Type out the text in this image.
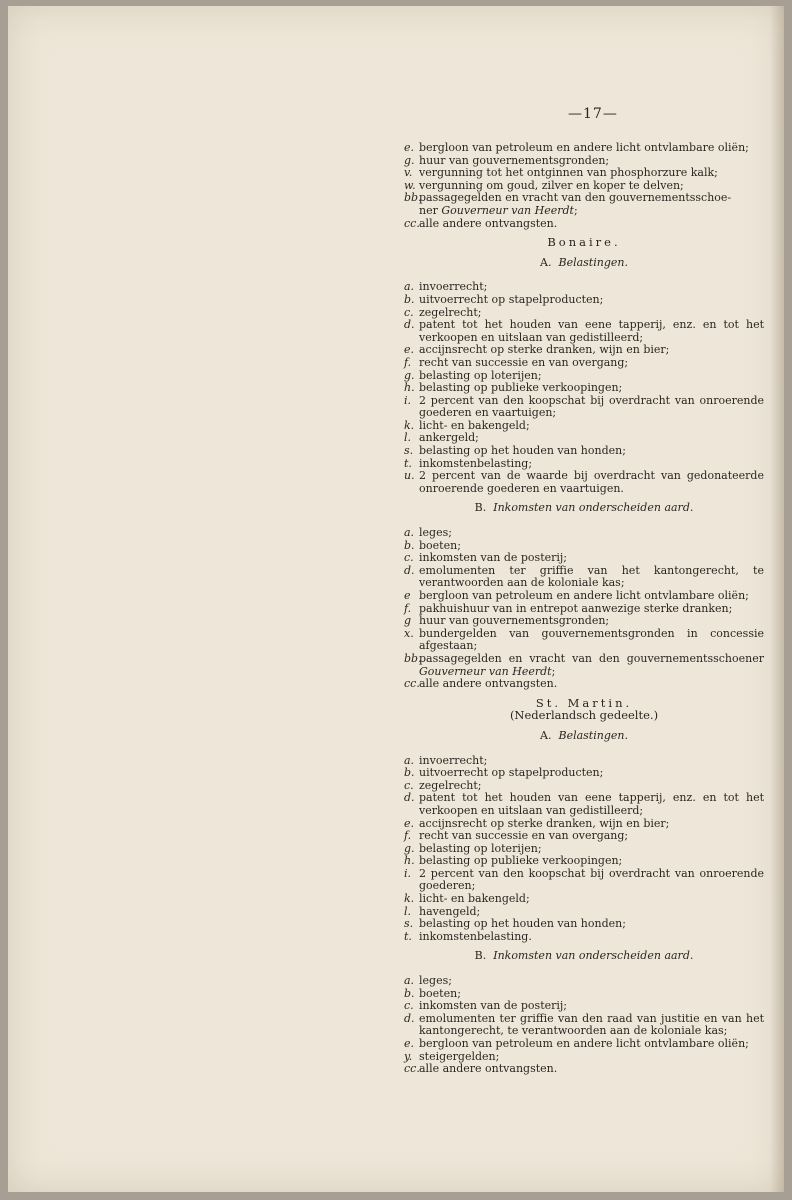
—17—
e. bergloon van petroleum en andere licht ontvlambare oliën;
g. huur van gouvernementsgronden;
v. vergunning tot het ontginnen van phosphorzure kalk;
w. vergunning om goud, zilver en koper te delven;
bb.
passagegelden en vracht van den gouvernementsschoe-
ner Gouverneur van Heerdt;
cc. alle andere ontvangsten.
Bonaire.
A. Belastingen.
a. invoerrecht;
b. uitvoerrecht op stapelproducten;
c. zegelrecht;
d. patent tot het houden van eene tapperij, enz. en tot het verkoopen en uitslaan van gedistilleerd;
e. accijnsrecht op sterke dranken, wijn en bier;
f. recht van successie en van overgang;
g. belasting op loterijen;
h. belasting op publieke verkoopingen;
i. 2 percent van den koopschat bij overdracht van onroerende goederen en vaartuigen;
k. licht- en bakengeld;
l. ankergeld;
s. belasting op het houden van honden;
t. inkomstenbelasting;
u. 2 percent van de waarde bij overdracht van gedonateerde onroerende goederen en vaartuigen.
B. Inkomsten van onderscheiden aard.
a. leges;
b. boeten;
c. inkomsten van de posterij;
d. emolumenten ter griffie van het kantongerecht, te verantwoorden aan de koloniale kas;
e bergloon van petroleum en andere licht ontvlambare oliën;
f. pakhuishuur van in entrepot aanwezige sterke dranken;
g huur van gouvernementsgronden;
x. bundergelden van gouvernementsgronden in concessie afgestaan;
bb.
passagegelden en vracht van den gouvernementsschoener Gouverneur van Heerdt;
cc. alle andere ontvangsten.
St. Martin.
(Nederlandsch gedeelte.)
A. Belastingen.
a. invoerrecht;
b. uitvoerrecht op stapelproducten;
c. zegelrecht;
d. patent tot het houden van eene tapperij, enz. en tot het verkoopen en uitslaan van gedistilleerd;
e. accijnsrecht op sterke dranken, wijn en bier;
f. recht van successie en van overgang;
g. belasting op loterijen;
h. belasting op publieke verkoopingen;
i. 2 percent van den koopschat bij overdracht van onroerende goederen;
k. licht- en bakengeld;
l. havengeld;
s. belasting op het houden van honden;
t. inkomstenbelasting.
B. Inkomsten van onderscheiden aard.
a. leges;
b. boeten;
c. inkomsten van de posterij;
d. emolumenten ter griffie van den raad van justitie en van het kantongerecht, te verantwoorden aan de koloniale kas;
e. bergloon van petroleum en andere licht ontvlambare oliën;
y. steigergelden;
cc. alle andere ontvangsten.
